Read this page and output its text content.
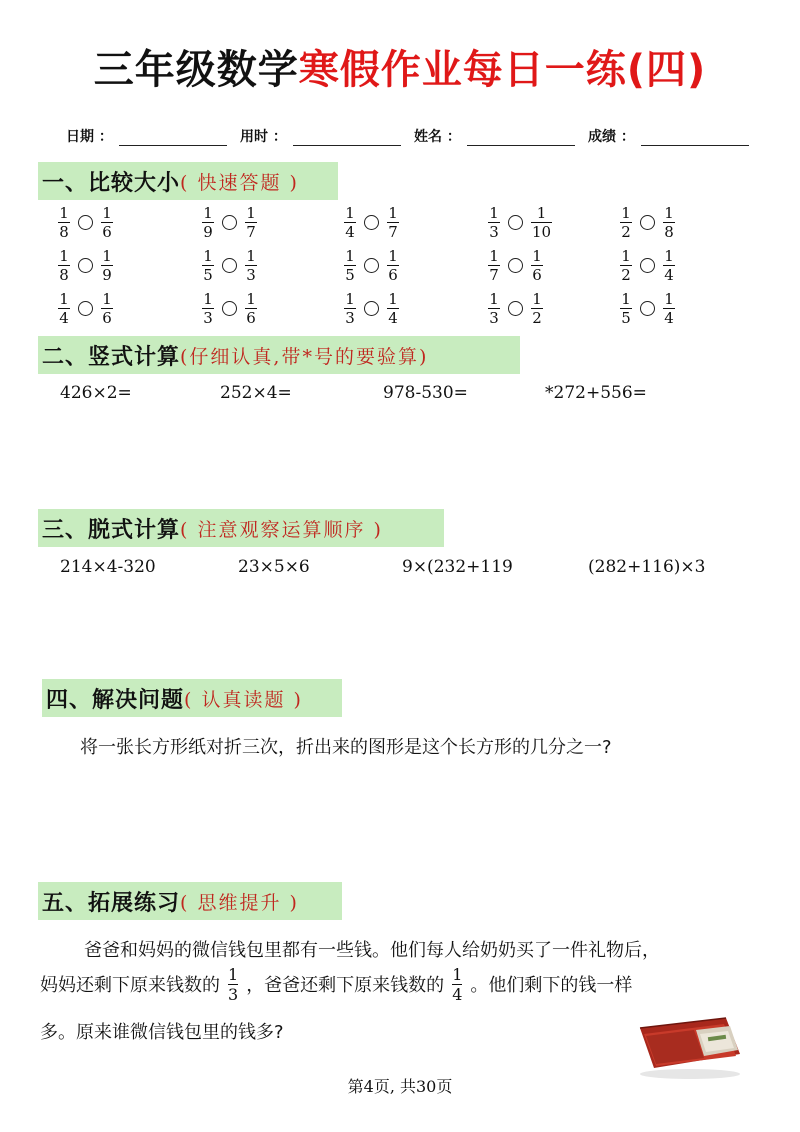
三年级数学寒假作业每日一练(四)
日期 ：	用时 ：	姓名 ：	成绩 ：
一、比较大小 ( 快速答题 )
$\frac{1}{8} \frac{1}{6}$	$\frac{1}{9} \frac{1}{7}$	$\frac{1}{4} \frac{1}{7}$	$\frac{1}{3} \frac{1}{10}$	$\frac{1}{2} \frac{1}{8}$
$\frac{1}{8} \frac{1}{9}$	$\frac{1}{5} \frac{1}{3}$	$\frac{1}{5} \frac{1}{6}$	$\frac{1}{7} \frac{1}{6}$	$\frac{1}{2} \frac{1}{4}$
$\frac{1}{4} \frac{1}{6}$	$\frac{1}{3} \frac{1}{6}$	$\frac{1}{3} \frac{1}{4}$	$\frac{1}{3} \frac{1}{2}$	$\frac{1}{5} \frac{1}{4}$
二、竖式计算 (仔细认真,带*号的要验算)
426×2=	252×4=	978-530=	*272+556=
三、脱式计算 ( 注意观察运算顺序 )
214×4-320	23×5×6	9×(232+119	(282+116)×3
四、解决问题 ( 认真读题 )
将一张长方形纸对折三次，折出来的图形是这个长方形的几分之一?
五、拓展练习 ( 思维提升 )
爸爸和妈妈的微信钱包里都有一些钱。他们每人给奶奶买了一件礼物后，
妈妈还剩下原来钱数的 $\frac{1}{3}$ ，爸爸还剩下原来钱数的 $\frac{1}{4}$ 。他们剩下的钱一样
多。原来谁微信钱包里的钱多?
第4页, 共30页
